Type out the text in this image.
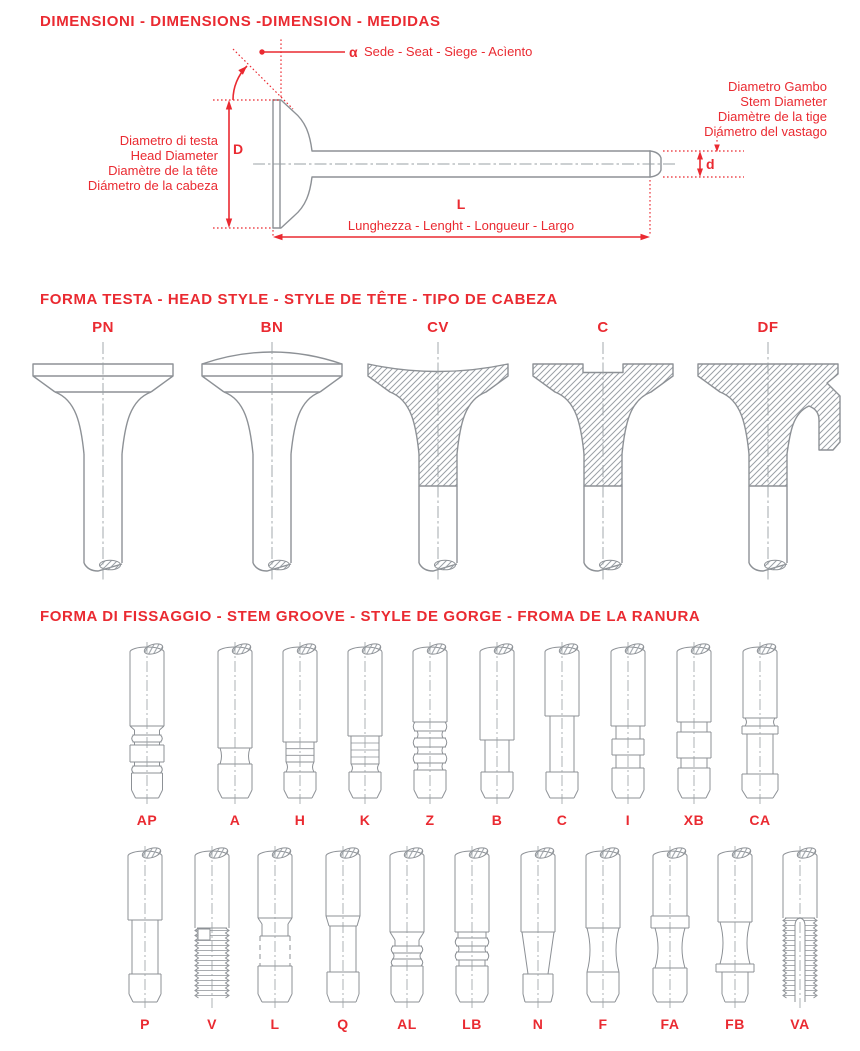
DIMENSIONI - DIMENSIONS -DIMENSION - MEDIDAS
α Sede - Seat - Siege - Acìento
D
Diametro di testa
Head Diameter
Diamètre de la tête
Diámetro de la cabeza
Diametro Gambo
Stem Diameter
Diamètre de la tige
Diámetro del vastago
d
L
Lunghezza - Lenght - Longueur - Largo
FORMA TESTA - HEAD STYLE - STYLE DE TÊTE - TIPO DE CABEZA
FORMA DI FISSAGGIO - STEM GROOVE - STYLE DE GORGE - FROMA DE LA RANURA
PN	BN	CV	C	DF
AP	A	H	K	Z	B	C	I	XB	CA
P	V	L	Q	AL	LB	N	F	FA	FB	VA
